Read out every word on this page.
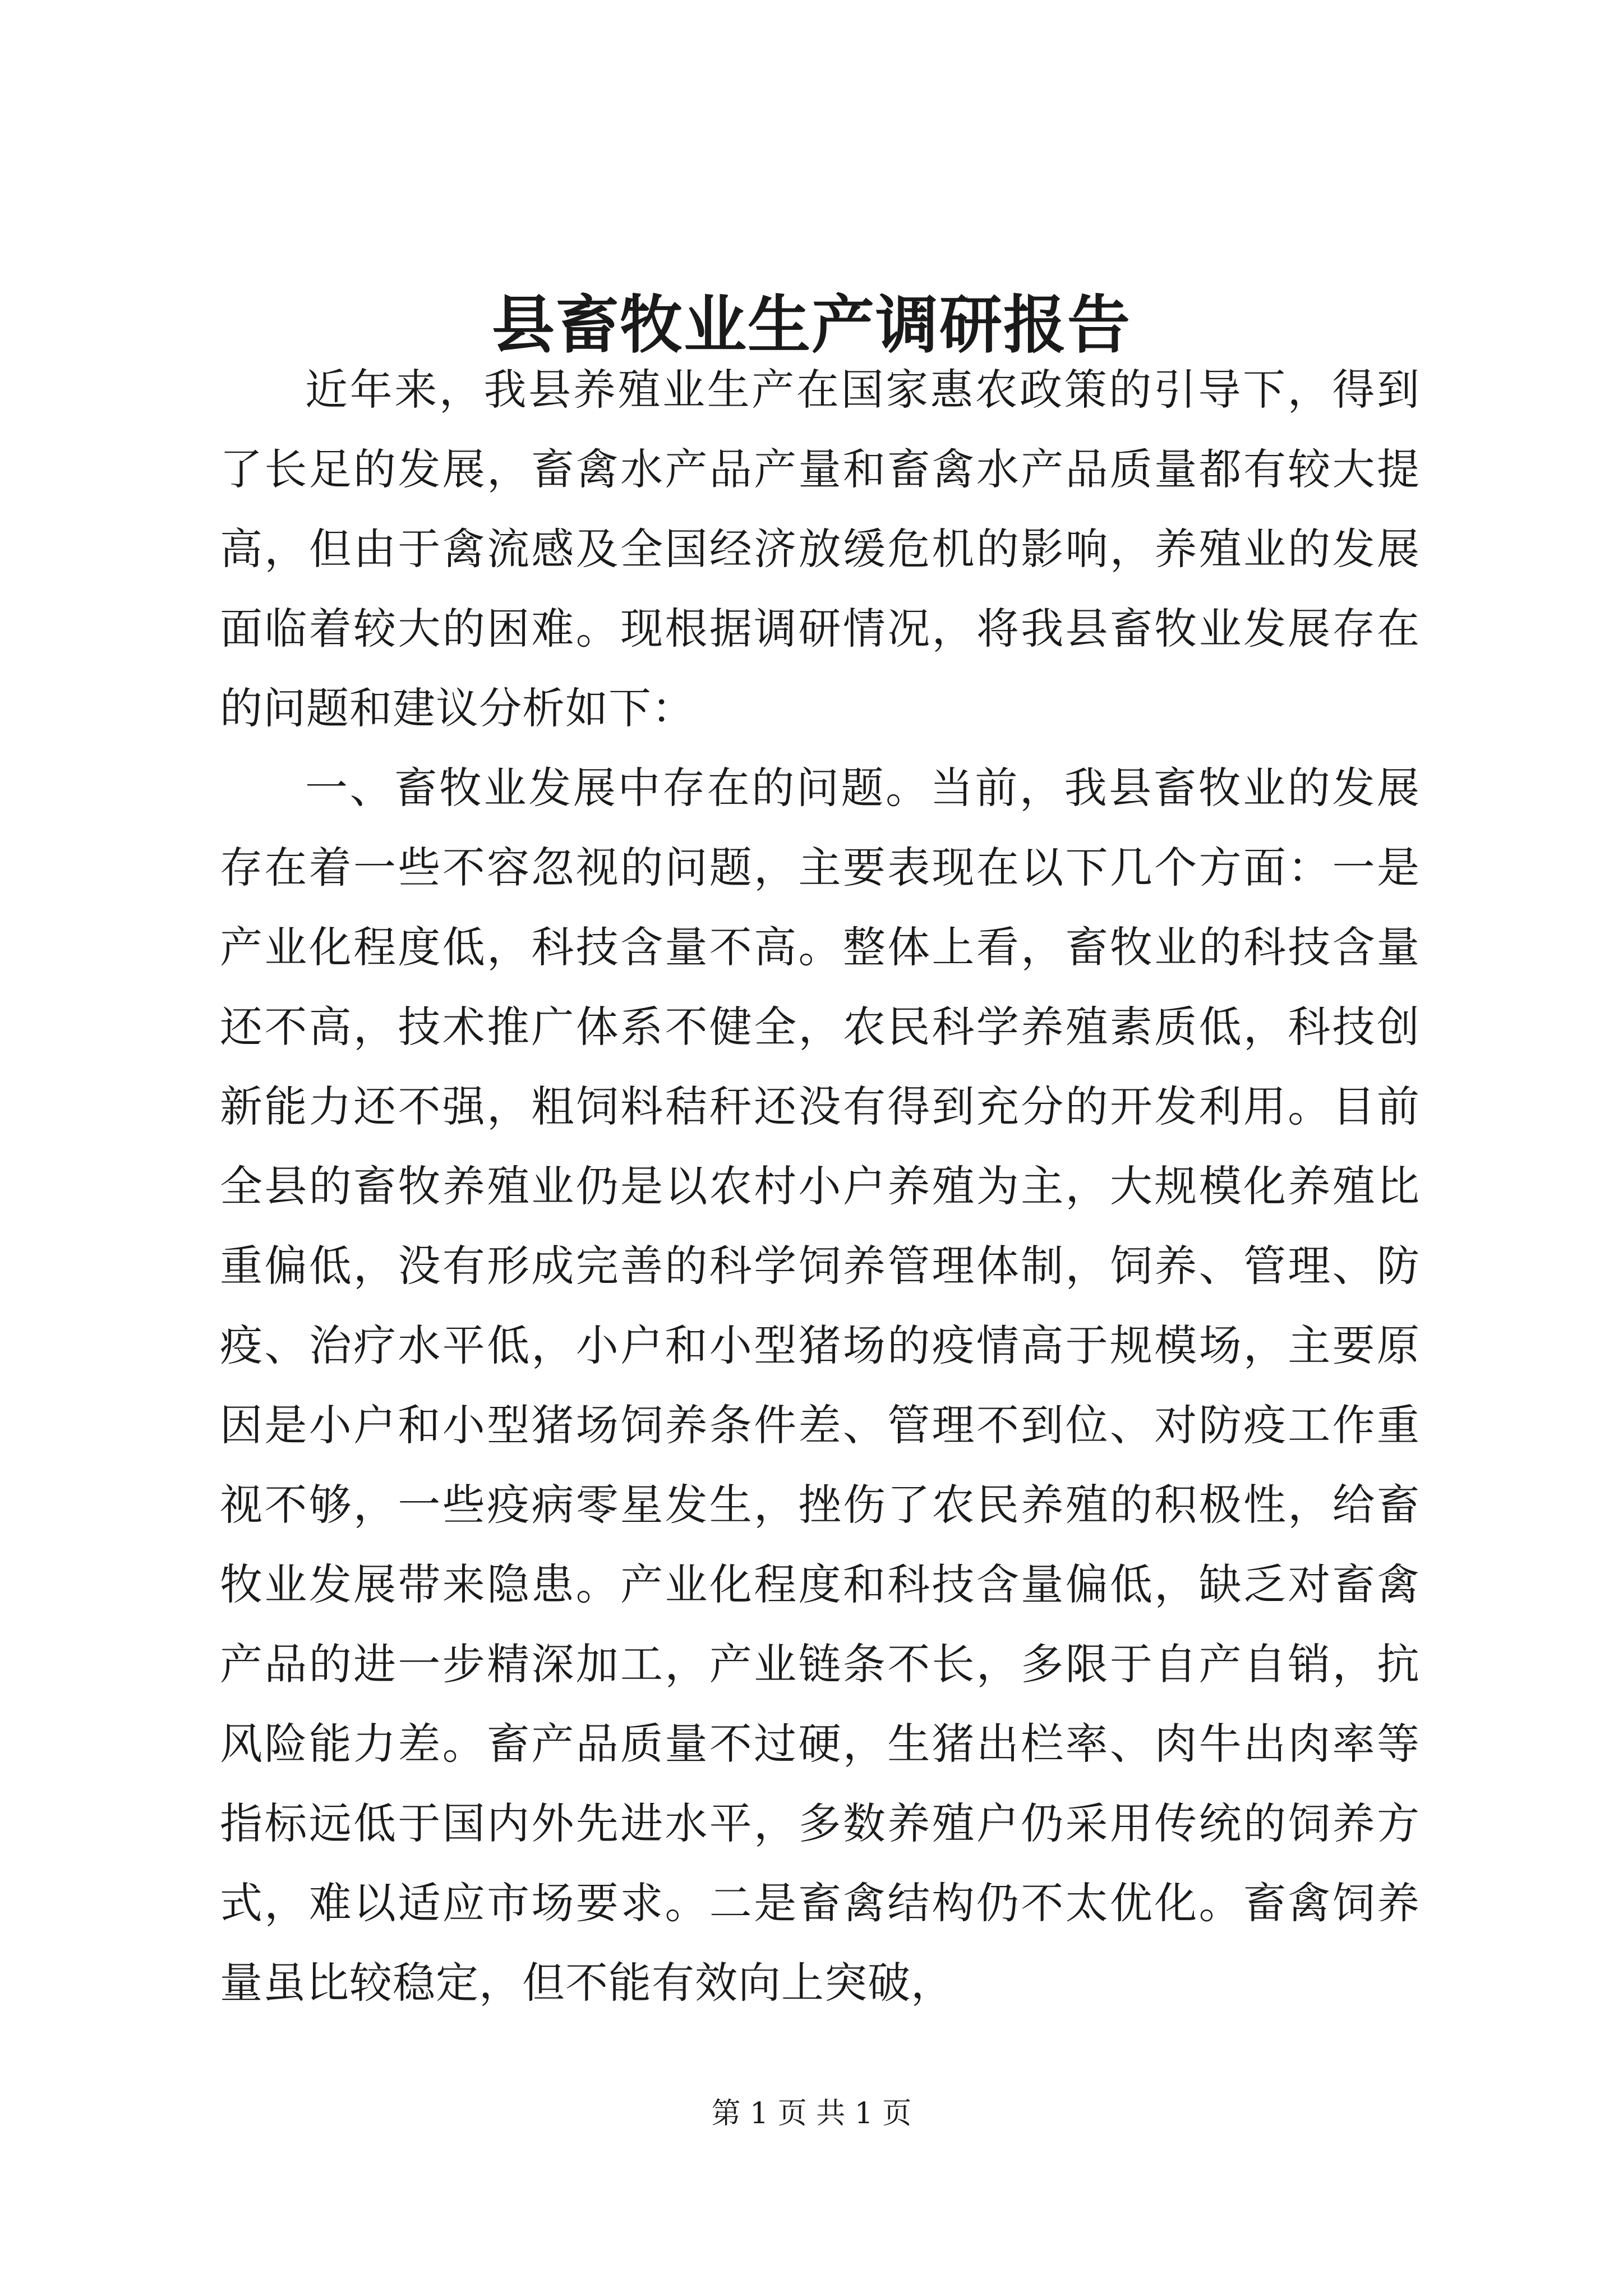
县畜牧业生产调研报告

近年来，我县养殖业生产在国家惠农政策的引导下，得到了长足的发展，畜禽水产品产量和畜禽水产品质量都有较大提高，但由于禽流感及全国经济放缓危机的影响，养殖业的发展面临着较大的困难。现根据调研情况，将我县畜牧业发展存在的问题和建议分析如下：

一、畜牧业发展中存在的问题。当前，我县畜牧业的发展存在着一些不容忽视的问题，主要表现在以下几个方面：一是产业化程度低，科技含量不高。整体上看，畜牧业的科技含量还不高，技术推广体系不健全，农民科学养殖素质低，科技创新能力还不强，粗饲料秸秆还没有得到充分的开发利用。目前全县的畜牧养殖业仍是以农村小户养殖为主，大规模化养殖比重偏低，没有形成完善的科学饲养管理体制，饲养、管理、防疫、治疗水平低，小户和小型猪场的疫情高于规模场，主要原因是小户和小型猪场饲养条件差、管理不到位、对防疫工作重视不够，一些疫病零星发生，挫伤了农民养殖的积极性，给畜牧业发展带来隐患。产业化程度和科技含量偏低，缺乏对畜禽产品的进一步精深加工，产业链条不长，多限于自产自销，抗风险能力差。畜产品质量不过硬，生猪出栏率、肉牛出肉率等指标远低于国内外先进水平，多数养殖户仍采用传统的饲养方式，难以适应市场要求。二是畜禽结构仍不太优化。畜禽饲养量虽比较稳定，但不能有效向上突破，

第 1 页 共 1 页
